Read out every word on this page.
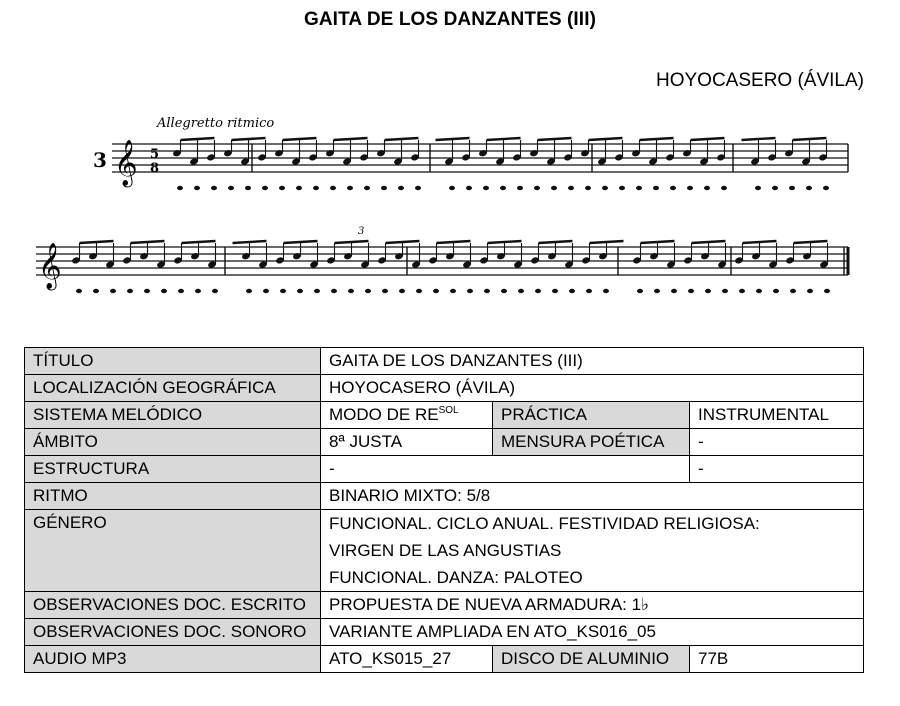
GAITA DE LOS DANZANTES (III)
HOYOCASERO (ÁVILA)
Allegretto ritmico
3	5
8
3
𝄞
𝄞
TÍTULO	GAITA DE LOS DANZANTES (III)		
LOCALIZACIÓN GEOGRÁFICA	HOYOCASERO (ÁVILA)		
SISTEMA MELÓDICO	MODO DE $RE^{SOL}$	PRÁCTICA	INSTRUMENTAL
ÁMBITO	8ª JUSTA	MENSURA POÉTICA	-
ESTRUCTURA	-		-
RITMO	BINARIO MIXTO: 5/8		
GÉNERO	FUNCIONAL. CICLO ANUAL. FESTIVIDAD RELIGIOSA:
VIRGEN DE LAS ANGUSTIAS
FUNCIONAL. DANZA: PALOTEO		

OBSERVACIONES DOC. ESCRITO	PROPUESTA DE NUEVA ARMADURA: 1♭		
OBSERVACIONES DOC. SONORO	VARIANTE AMPLIADA EN ATO_KS016_05		
AUDIO MP3	ATO_KS015_27	DISCO DE ALUMINIO	77B
